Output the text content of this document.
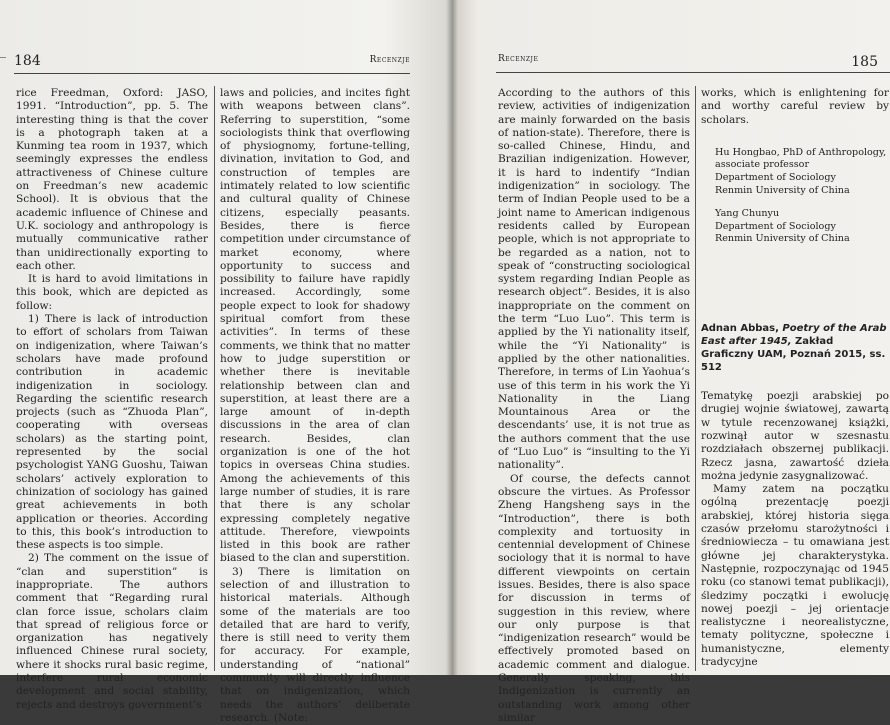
184	Recenzje

rice Freedman, Oxford: JASO, 1991. “Introduction”, pp. 5. The interesting thing is that the cover is a photograph taken at a Kunming tea room in 1937, which seemingly expresses the endless attractiveness of Chinese culture on Freedman’s new academic School). It is obvious that the academic influence of Chinese and U.K. sociology and anthropology is mutually communicative rather than unidirectionally exporting to each other.

It is hard to avoid limitations in this book, which are depicted as follow:

1) There is lack of introduction to effort of scholars from Taiwan on indigenization, where Taiwan’s scholars have made profound contribution in academic indigenization in sociology. Regarding the scientific research projects (such as “Zhuoda Plan”, cooperating with overseas scholars) as the starting point, represented by the social psychologist YANG Guoshu, Taiwan scholars’ actively exploration to chinization of sociology has gained great achievements in both application or theories. According to this, this book’s introduction to these aspects is too simple.

2) The comment on the issue of “clan and superstition” is inappropriate. The authors comment that “Regarding rural clan force issue, scholars claim that spread of religious force or organization has negatively influenced Chinese rural society, where it shocks rural basic regime, interfere rural economic development and social stability, rejects and destroys government’s

laws and policies, and incites fight with weapons between clans”. Referring to superstition, “some sociologists think that overflowing of physiognomy, fortune-telling, divination, invitation to God, and construction of temples are intimately related to low scientific and cultural quality of Chinese citizens, especially peasants. Besides, there is fierce competition under circumstance of market economy, where opportunity to success and possibility to failure have rapidly increased. Accordingly, some people expect to look for shadowy spiritual comfort from these activities”. In terms of these comments, we think that no matter how to judge superstition or whether there is inevitable relationship between clan and superstition, at least there are a large amount of in-depth discussions in the area of clan research. Besides, clan organization is one of the hot topics in overseas China studies. Among the achievements of this large number of studies, it is rare that there is any scholar expressing completely negative attitude. Therefore, viewpoints listed in this book are rather biased to the clan and superstition.

3) There is limitation on selection of and illustration to historical materials. Although some of the materials are too detailed that are hard to verify, there is still need to verity them for accuracy. For example, understanding of “national” community will directly influence that on indigenization, which needs the authors’ deliberate research. (Note:

Recenzje	185

According to the authors of this review, activities of indigenization are mainly forwarded on the basis of nation-state). Therefore, there is so-called Chinese, Hindu, and Brazilian indigenization. However, it is hard to indentify “Indian indigenization” in sociology. The term of Indian People used to be a joint name to American indigenous residents called by European people, which is not appropriate to be regarded as a nation, not to speak of “constructing sociological system regarding Indian People as research object”. Besides, it is also inappropriate on the comment on the term “Luo Luo”. This term is applied by the Yi nationality itself, while the “Yi Nationality” is applied by the other nationalities. Therefore, in terms of Lin Yaohua’s use of this term in his work the Yi Nationality in the Liang Mountainous Area or the descendants’ use, it is not true as the authors comment that the use of “Luo Luo” is “insulting to the Yi nationality”.

Of course, the defects cannot obscure the virtues. As Professor Zheng Hangsheng says in the “Introduction”, there is both complexity and tortuosity in centennial development of Chinese sociology that it is normal to have different viewpoints on certain issues. Besides, there is also space for discussion in terms of suggestion in this review, where our only purpose is that “indigenization research” would be effectively promoted based on academic comment and dialogue. Generally speaking, this Indigenization is currently an outstanding work among other similar

works, which is enlightening for and worthy careful review by scholars.

Hu Hongbao, PhD of Anthropology,
associate professor
Department of Sociology
Renmin University of China
Yang Chunyu
Department of Sociology
Renmin University of China
Adnan Abbas, Poetry of the Arab East after 1945, Zakład Graficzny UAM, Poznań 2015, ss. 512

Tematykę poezji arabskiej po drugiej wojnie światowej, zawartą w tytule recenzowanej książki, rozwinął autor w szesnastu rozdziałach obszernej publikacji. Rzecz jasna, zawartość dzieła można jedynie zasygnalizować.

Mamy zatem na początku ogólną prezentację poezji arabskiej, której historia sięga czasów przełomu starożytności i średniowiecza – tu omawiana jest główne jej charakterystyka. Następnie, rozpoczynając od 1945 roku (co stanowi temat publikacji), śledzimy początki i ewolucję nowej poezji – jej orientacje realistyczne i neorealistyczne, tematy polityczne, społeczne i humanistyczne, elementy tradycyjne
